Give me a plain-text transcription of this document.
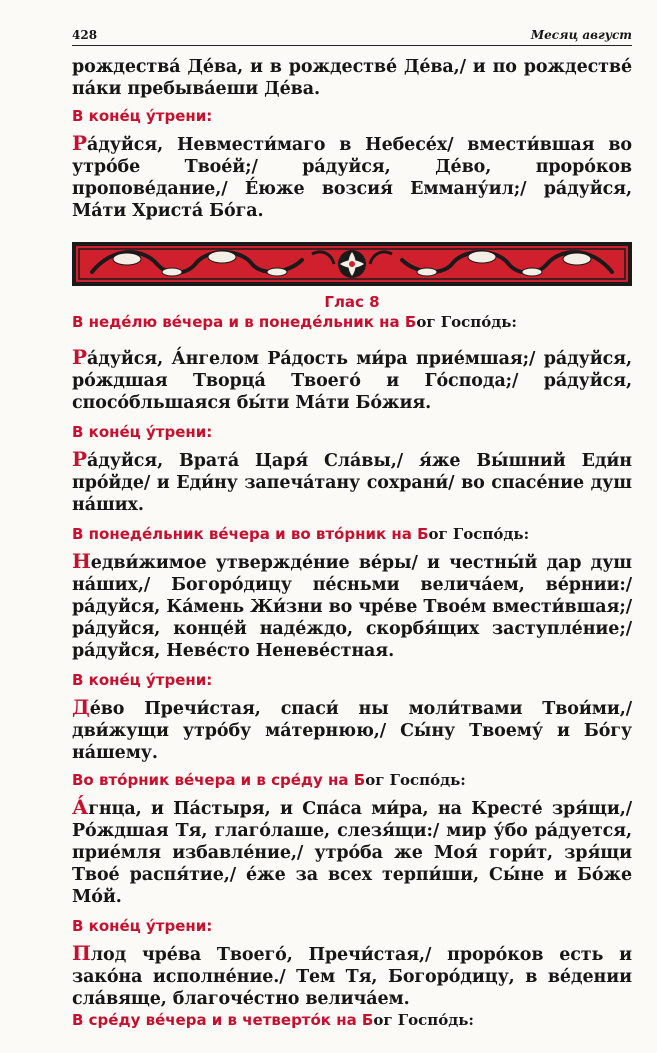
428	Месяц август

рождества́ Де́ва, и в рождестве́ Де́ва,/ и по рождестве́ па́ки пребыва́еши Де́ва.

В коне́ц у́трени:

Ра́дуйся, Невмести́маго в Небесе́х/ вмести́вшая во утро́бе Твое́й;/ ра́дуйся, Де́во, проро́ков пропове́дание,/ Е́юже возсия́ Емману́ил;/ ра́дуйся, Ма́ти Христа́ Бо́га.

Глас 8

В неде́лю ве́чера и в понеде́льник на Бог Госпо́дь:

Ра́дуйся, А́нгелом Ра́дость ми́ра прие́мшая;/ ра́дуйся, ро́ждшая Творца́ Твоего́ и Го́спода;/ ра́дуйся, спосо́бльшаяся бы́ти Ма́ти Бо́жия.

В коне́ц у́трени:

Ра́дуйся, Врата́ Царя́ Сла́вы,/ я́же Вы́шний Еди́н про́йде/ и Еди́ну запеча́тану сохрани́/ во спасе́ние душ на́ших.

В понеде́льник ве́чера и во вто́рник на Бог Госпо́дь:

Недви́жимое утвержде́ние ве́ры/ и честны́й дар душ на́ших,/ Богоро́дицу пе́сньми велича́ем, ве́рнии:/ ра́дуйся, Ка́мень Жи́зни во чре́ве Твое́м вмести́вшая;/ ра́дуйся, конце́й наде́ждо, скорбя́щих заступле́ние;/ ра́дуйся, Неве́сто Неневе́стная.

В коне́ц у́трени:

Де́во Пречи́стая, спаси́ ны моли́твами Твои́ми,/ дви́жущи утро́бу ма́тернюю,/ Сы́ну Твоему́ и Бо́гу на́шему.

Во вто́рник ве́чера и в сре́ду на Бог Госпо́дь:

А́гнца, и Па́стыря, и Спа́са ми́ра, на Кресте́ зря́щи,/ Ро́ждшая Тя, глаго́лаше, слезя́щи:/ мир у́бо ра́дуется, прие́мля избавле́ние,/ утро́ба же Моя́ гори́т, зря́щи Твое́ распя́тие,/ е́же за всех терпи́ши, Сы́не и Бо́же Мо́й.

В коне́ц у́трени:

Плод чре́ва Твоего́, Пречи́стая,/ проро́ков есть и зако́на исполне́ние./ Тем Тя, Богоро́дицу, в ве́дении сла́вяще, благоче́стно велича́ем.

В сре́ду ве́чера и в четверто́к на Бог Госпо́дь:
